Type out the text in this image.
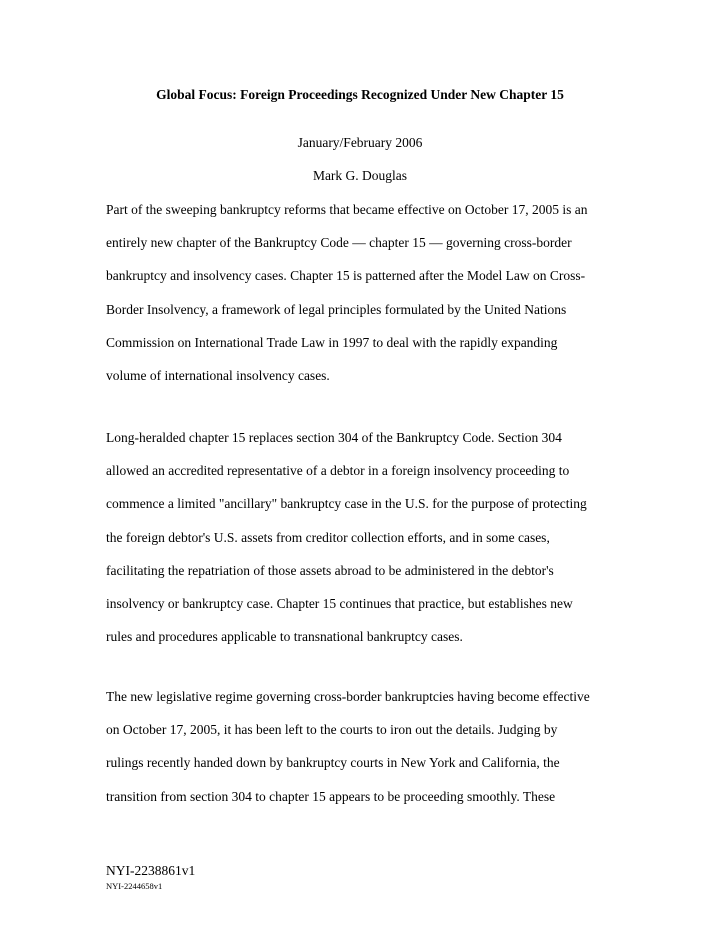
Global Focus: Foreign Proceedings Recognized Under New Chapter 15
January/February 2006
Mark G. Douglas
Part of the sweeping bankruptcy reforms that became effective on October 17, 2005 is an
entirely new chapter of the Bankruptcy Code — chapter 15 — governing cross-border
bankruptcy and insolvency cases. Chapter 15 is patterned after the Model Law on Cross-
Border Insolvency, a framework of legal principles formulated by the United Nations
Commission on International Trade Law in 1997 to deal with the rapidly expanding
volume of international insolvency cases.
Long-heralded chapter 15 replaces section 304 of the Bankruptcy Code. Section 304
allowed an accredited representative of a debtor in a foreign insolvency proceeding to
commence a limited "ancillary" bankruptcy case in the U.S. for the purpose of protecting
the foreign debtor's U.S. assets from creditor collection efforts, and in some cases,
facilitating the repatriation of those assets abroad to be administered in the debtor's
insolvency or bankruptcy case. Chapter 15 continues that practice, but establishes new
rules and procedures applicable to transnational bankruptcy cases.
The new legislative regime governing cross-border bankruptcies having become effective
on October 17, 2005, it has been left to the courts to iron out the details. Judging by
rulings recently handed down by bankruptcy courts in New York and California, the
transition from section 304 to chapter 15 appears to be proceeding smoothly. These
NYI-2238861v1
NYI-2244658v1
